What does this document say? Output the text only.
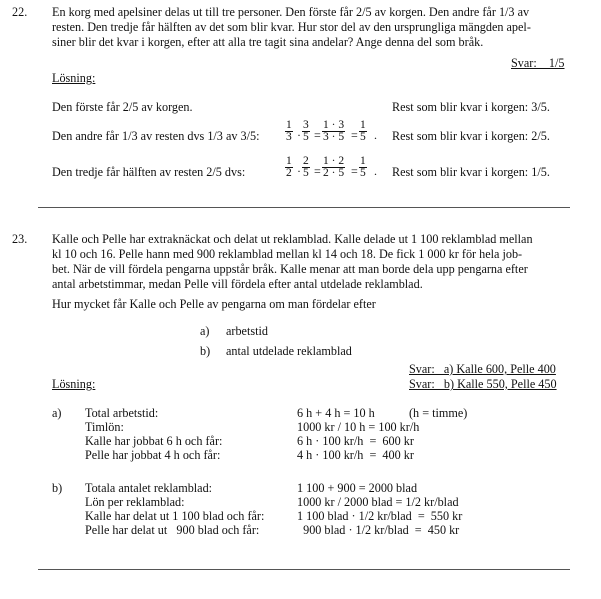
22. En korg med apelsiner delas ut till tre personer. Den förste får 2/5 av korgen. Den andre får 1/3 av
resten. Den tredje får hälften av det som blir kvar. Hur stor del av den ursprungliga mängden apel-
siner blir det kvar i korgen, efter att alla tre tagit sina andelar? Ange denna del som bråk.
Svar:    1/5
Lösning:
Den förste får 2/5 av korgen.	Rest som blir kvar i korgen: 3/5.
Den andre får 1/3 av resten dvs 1/3 av 3/5: $\frac{1}{3} \cdot \frac{3}{5} = \frac{1 \cdot 3}{3 \cdot 5} = \frac{1}{5}$ . Rest som blir kvar i korgen: 2/5.
Den tredje får hälften av resten 2/5 dvs:	$\frac{1}{2} \cdot \frac{2}{5} = \frac{1 \cdot 2}{2 \cdot 5} = \frac{1}{5}$ . Rest som blir kvar i korgen: 1/5.
23. Kalle och Pelle har extraknäckat och delat ut reklamblad. Kalle delade ut 1 100 reklamblad mellan
kl 10 och 16. Pelle hann med 900 reklamblad mellan kl 14 och 18. De fick 1 000 kr för hela job-
bet. När de vill fördela pengarna uppstår bråk. Kalle menar att man borde dela upp pengarna efter
antal arbetstimmar, medan Pelle vill fördela efter antal utdelade reklamblad.
Hur mycket får Kalle och Pelle av pengarna om man fördelar efter
a) arbetstid
b) antal utdelade reklamblad
Svar:   a) Kalle 600, Pelle 400
Svar:   b) Kalle 550, Pelle 450
Lösning:
a) Total arbetstid:
Timlön:
Kalle har jobbat 6 h och får:
Pelle har jobbat 4 h och får:
6 h + 4 h = 10 h
1000 kr / 10 h = 100 kr/h
6 h · 100 kr/h  =  600 kr
4 h · 100 kr/h  =  400 kr
(h = timme)
b) Totala antalet reklamblad:
Lön per reklamblad:
Kalle har delat ut 1 100 blad och får:
Pelle har delat ut   900 blad och får:
1 100 + 900 = 2000 blad
1000 kr / 2000 blad = 1/2 kr/blad
1 100 blad · 1/2 kr/blad  =  550 kr
900 blad · 1/2 kr/blad  =  450 kr
